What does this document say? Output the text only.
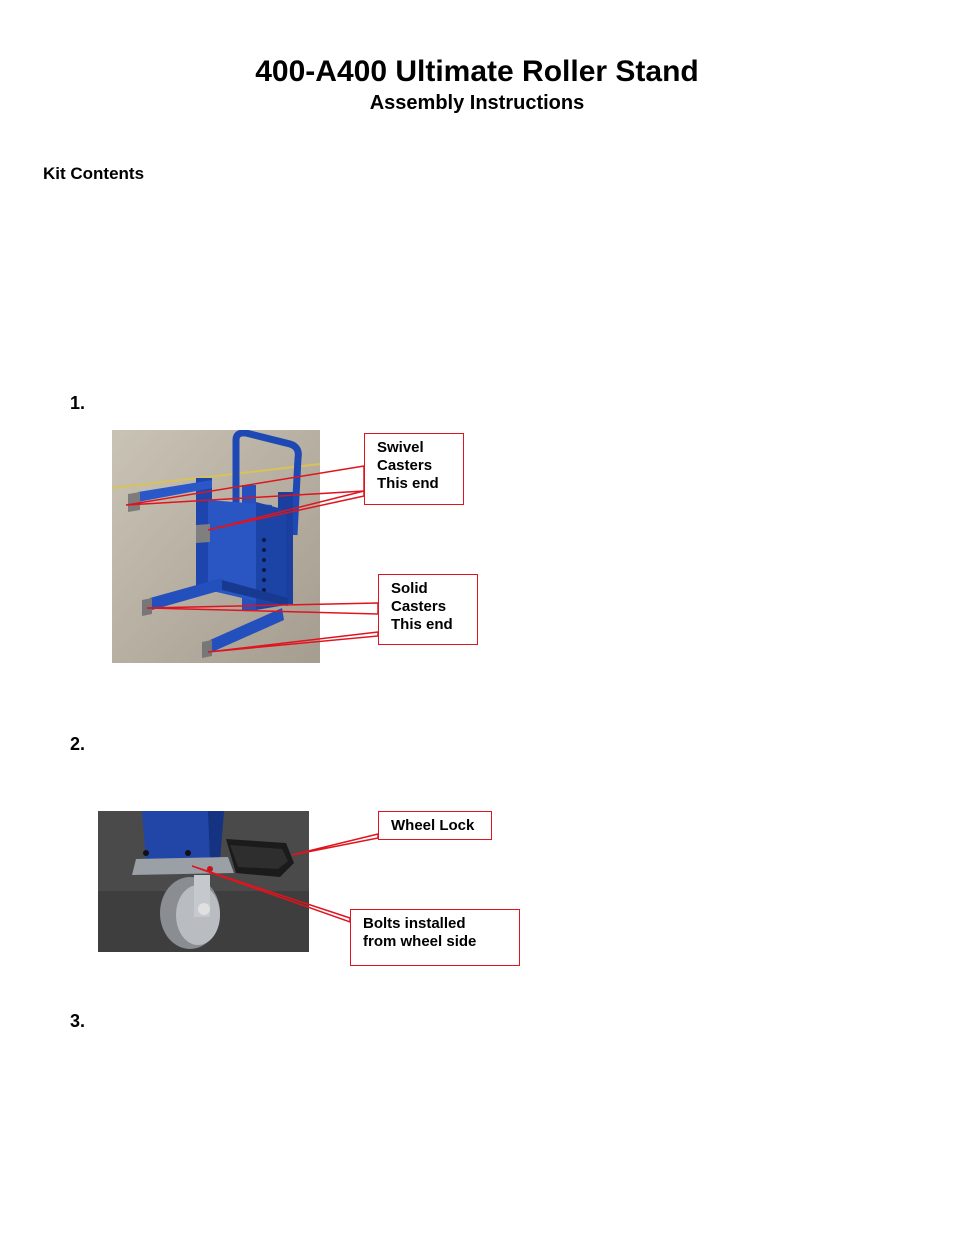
400-A400 Ultimate Roller Stand
Assembly Instructions
Kit Contents
1.
Swivel
Casters
This end
Solid
Casters
This end
2.
Wheel Lock
Bolts installed
from wheel side
3.
